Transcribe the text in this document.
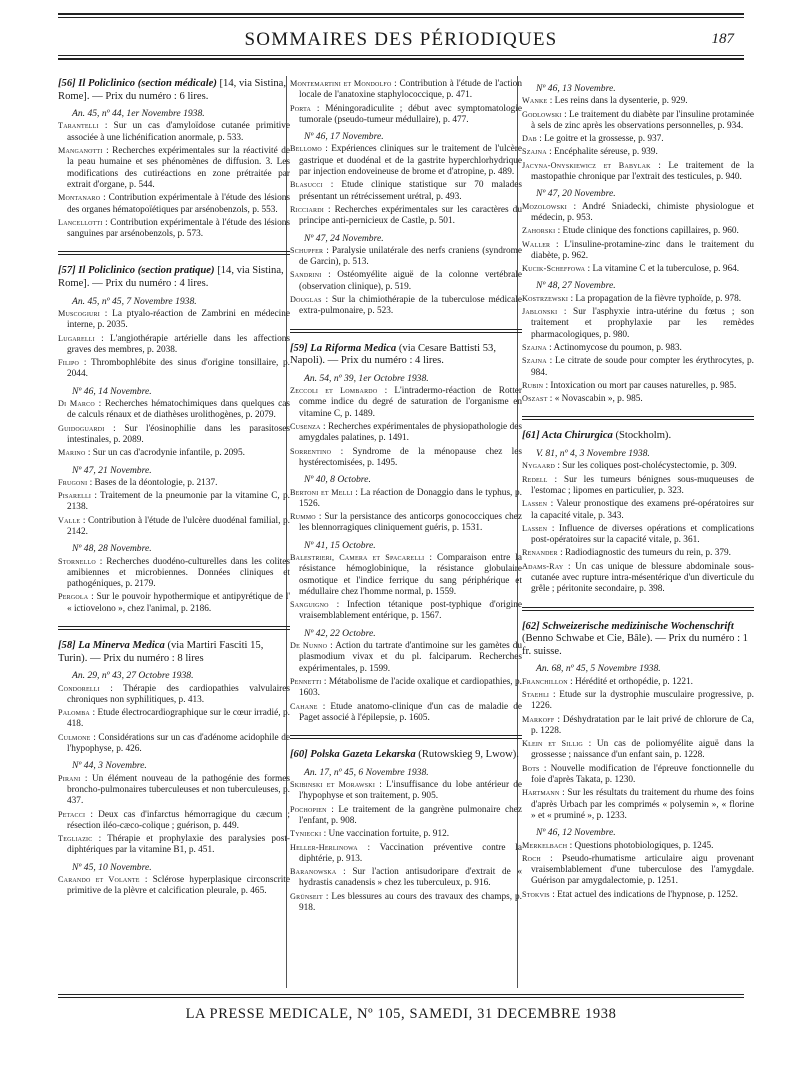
SOMMAIRES DES PÉRIODIQUES	187
[56] Il Policlinico (section médicale) [14, via Sistina, Rome]. — Prix du numéro : 6 lires.
An. 45, nº 44, 1er Novembre 1938.
Tarantelli : Sur un cas d'amyloïdose cutanée primitive associée à une lichénification anormale, p. 533.
Manganotti : Recherches expérimentales sur la réactivité de la peau humaine et ses phénomènes de diffusion. 3. Les modifications des cutiréactions en zone prétraitée par extrait d'organe, p. 544.
Montanaro : Contribution expérimentale à l'étude des lésions des organes hématopoïétiques par arsénobenzols, p. 553.
Lancellotti : Contribution expérimentale à l'étude des lésions sanguines par arsénobenzols, p. 573.
[57] Il Policlinico (section pratique) [14, via Sistina, Rome]. — Prix du numéro : 4 lires.
An. 45, nº 45, 7 Novembre 1938.
Muscogiuri : La ptyalo-réaction de Zambrini en médecine interne, p. 2035.
Lugarelli : L'angiothérapie artérielle dans les affections graves des membres, p. 2038.
Filipo : Thrombophlébite des sinus d'origine tonsillaire, p. 2044.
Nº 46, 14 Novembre.
Di Marco : Recherches hématochimiques dans quelques cas de calculs rénaux et de diathèses urolithogènes, p. 2079.
Guidoguardi : Sur l'éosinophilie dans les parasitoses intestinales, p. 2089.
Marino : Sur un cas d'acrodynie infantile, p. 2095.
Nº 47, 21 Novembre.
Frugoni : Bases de la déontologie, p. 2137.
Pisarelli : Traitement de la pneumonie par la vitamine C, p. 2138.
Valle : Contribution à l'étude de l'ulcère duodénal familial, p. 2142.
Nº 48, 28 Novembre.
Stornello : Recherches duodéno-culturelles dans les colites amibiennes et microbiennes. Données cliniques et pathogéniques, p. 2179.
Pergola : Sur le pouvoir hypothermique et antipyrétique de l' « ictiovelono », chez l'animal, p. 2186.
[58] La Minerva Medica (via Martiri Fasciti 15, Turin). — Prix du numéro : 8 lires
An. 29, nº 43, 27 Octobre 1938.
Condorelli : Thérapie des cardiopathies valvulaires chroniques non syphilitiques, p. 413.
Palomba : Etude électrocardiographique sur le cœur irradié, p. 418.
Culmone : Considérations sur un cas d'adénome acidophile de l'hypophyse, p. 426.
Nº 44, 3 Novembre.
Pirani : Un élément nouveau de la pathogénie des formes broncho-pulmonaires tuberculeuses et non tuberculeuses, p. 437.
Petacci : Deux cas d'infarctus hémorragique du cæcum ; résection iléo-cæco-colique ; guérison, p. 449.
Tegliazic : Thérapie et prophylaxie des paralysies post-diphtériques par la vitamine B1, p. 451.
Nº 45, 10 Novembre.
Carando et Volante : Sclérose hyperplasique circonscrite primitive de la plèvre et calcification pleurale, p. 465.
Montemartini et Mondolfo : Contribution à l'étude de l'action locale de l'anatoxine staphylococcique, p. 471.
Porta : Méningoradiculite ; début avec symptomatologie tumorale (pseudo-tumeur médullaire), p. 477.
Nº 46, 17 Novembre.
Bellomo : Expériences cliniques sur le traitement de l'ulcère gastrique et duodénal et de la gastrite hyperchlorhydrique par injection endoveineuse de brome et d'atropine, p. 489.
Blasucci : Etude clinique statistique sur 70 malades présentant un rétrécissement urétral, p. 493.
Ricciardi : Recherches expérimentales sur les caractères du principe anti-pernicieux de Castle, p. 501.
Nº 47, 24 Novembre.
Schupfer : Paralysie unilatérale des nerfs craniens (syndrome de Garcin), p. 513.
Sandrini : Ostéomyélite aiguë de la colonne vertébrale (observation clinique), p. 519.
Douglas : Sur la chimiothérapie de la tuberculose médicale extra-pulmonaire, p. 523.
[59] La Riforma Medica (via Cesare Battisti 53, Napoli). — Prix du numéro : 4 lires.
An. 54, nº 39, 1er Octobre 1938.
Zeccoli et Lombardo : L'intradermo-réaction de Rotter comme indice du degré de saturation de l'organisme en vitamine C, p. 1489.
Cusenza : Recherches expérimentales de physiopathologie des amygdales palatines, p. 1491.
Sorrentino : Syndrome de la ménopause chez les hystérectomisées, p. 1495.
Nº 40, 8 Octobre.
Bertoni et Melli : La réaction de Donaggio dans le typhus, p. 1526.
Rummo : Sur la persistance des anticorps gonococciques chez les blennorragiques cliniquement guéris, p. 1531.
Nº 41, 15 Octobre.
Balestrieri, Camera et Spacarelli : Comparaison entre la résistance hémoglobinique, la résistance globulaire osmotique et l'indice ferrique du sang périphérique et médullaire chez l'homme normal, p. 1559.
Sanguigno : Infection tétanique post-typhique d'origine vraisemblablement entérique, p. 1567.
Nº 42, 22 Octobre.
De Nunno : Action du tartrate d'antimoine sur les gamètes du plasmodium vivax et du pl. falciparum. Recherches expérimentales, p. 1599.
Pennetti : Métabolisme de l'acide oxalique et cardiopathies, p. 1603.
Cahane : Etude anatomo-clinique d'un cas de maladie de Paget associé à l'épilepsie, p. 1605.
[60] Polska Gazeta Lekarska (Rutowskieg 9, Lwow).
An. 17, nº 45, 6 Novembre 1938.
Skibinski et Morawski : L'insuffisance du lobe antérieur de l'hypophyse et son traitement, p. 905.
Pochopien : Le traitement de la gangrène pulmonaire chez l'enfant, p. 908.
Tyniecki : Une vaccination fortuite, p. 912.
Heller-Herlinowa : Vaccination préventive contre la diphtérie, p. 913.
Baranowska : Sur l'action antisudoripare d'extrait de « hydrastis canadensis » chez les tuberculeux, p. 916.
Grünseit : Les blessures au cours des travaux des champs, p. 918.
Nº 46, 13 Novembre.
Wanke : Les reins dans la dysenterie, p. 929.
Godlowski : Le traitement du diabète par l'insuline protaminée à sels de zinc après les observations personnelles, p. 934.
Dab : Le goitre et la grossesse, p. 937.
Szajna : Encéphalite séreuse, p. 939.
Jacyna-Onyskiewicz et Babylak : Le traitement de la mastopathie chronique par l'extrait des testicules, p. 940.
Nº 47, 20 Novembre.
Mozolowski : André Sniadecki, chimiste physiologue et médecin, p. 953.
Zahorski : Etude clinique des fonctions capillaires, p. 960.
Waller : L'insuline-protamine-zinc dans le traitement du diabète, p. 962.
Kucik-Scheffowa : La vitamine C et la tuberculose, p. 964.
Nº 48, 27 Novembre.
Kostrzewski : La propagation de la fièvre typhoïde, p. 978.
Jablonski : Sur l'asphyxie intra-utérine du fœtus ; son traitement et prophylaxie par les remèdes pharmacologiques, p. 980.
Szajna : Actinomycose du poumon, p. 983.
Szajna : Le citrate de soude pour compter les érythrocytes, p. 984.
Rubin : Intoxication ou mort par causes naturelles, p. 985.
Oszast : « Novascabin », p. 985.
[61] Acta Chirurgica (Stockholm).
V. 81, nº 4, 3 Novembre 1938.
Nygaard : Sur les coliques post-cholécystectomie, p. 309.
Redell : Sur les tumeurs bénignes sous-muqueuses de l'estomac ; lipomes en particulier, p. 323.
Lassen : Valeur pronostique des examens pré-opératoires sur la capacité vitale, p. 343.
Lassen : Influence de diverses opérations et complications post-opératoires sur la capacité vitale, p. 361.
Renander : Radiodiagnostic des tumeurs du rein, p. 379.
Adams-Ray : Un cas unique de blessure abdominale sous-cutanée avec rupture intra-mésentérique d'un diverticule du grêle ; péritonite secondaire, p. 398.
[62] Schweizerische medizinische Wochenschrift (Benno Schwabe et Cie, Bâle). — Prix du numéro : 1 fr. suisse.
An. 68, nº 45, 5 Novembre 1938.
Franchillon : Hérédité et orthopédie, p. 1221.
Staehli : Etude sur la dystrophie musculaire progressive, p. 1226.
Markoff : Déshydratation par le lait privé de chlorure de Ca, p. 1228.
Klein et Sillig : Un cas de poliomyélite aiguë dans la grossesse ; naissance d'un enfant sain, p. 1228.
Bots : Nouvelle modification de l'épreuve fonctionnelle du foie d'après Takata, p. 1230.
Hartmann : Sur les résultats du traitement du rhume des foins d'après Urbach par les comprimés « polysemin », « florine » et « pruminé », p. 1233.
Nº 46, 12 Novembre.
Merkelbach : Questions photobiologiques, p. 1245.
Roch : Pseudo-rhumatisme articulaire aigu provenant vraisemblablement d'une tuberculose des l'amygdale. Guérison par amygdalectomie, p. 1251.
Stokvis : Etat actuel des indications de l'hypnose, p. 1252.
LA PRESSE MEDICALE, Nº 105, SAMEDI, 31 DECEMBRE 1938
